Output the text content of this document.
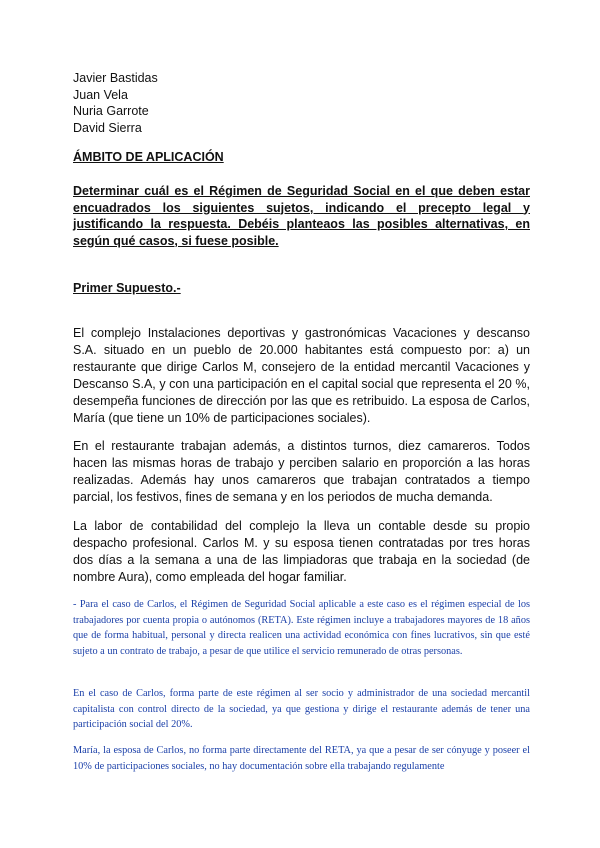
Javier Bastidas
Juan Vela
Nuria Garrote
David Sierra
ÁMBITO DE APLICACIÓN
Determinar cuál es el Régimen de Seguridad Social en el que deben estar encuadrados los siguientes sujetos, indicando el precepto legal y justificando la respuesta. Debéis planteaos las posibles alternativas, en según qué casos, si fuese posible.
Primer Supuesto.-

El complejo Instalaciones deportivas y gastronómicas Vacaciones y descanso S.A. situado en un pueblo de 20.000 habitantes está compuesto por: a) un restaurante que dirige Carlos M, consejero de la entidad mercantil Vacaciones y Descanso S.A, y con una participación en el capital social que representa el 20 %, desempeña funciones de dirección por las que es retribuido. La esposa de Carlos, María (que tiene un 10% de participaciones sociales).

En el restaurante trabajan además, a distintos turnos, diez camareros. Todos hacen las mismas horas de trabajo y perciben salario en proporción a las horas realizadas. Además hay unos camareros que trabajan contratados a tiempo parcial, los festivos, fines de semana y en los periodos de mucha demanda.

La labor de contabilidad del complejo la lleva un contable desde su propio despacho profesional. Carlos M. y su esposa tienen contratadas por tres horas dos días a la semana a una de las limpiadoras que trabaja en la sociedad (de nombre Aura), como empleada del hogar familiar.

- Para el caso de Carlos, el Régimen de Seguridad Social aplicable a este caso es el régimen especial de los trabajadores por cuenta propia o autónomos (RETA). Este régimen incluye a trabajadores mayores de 18 años que de forma habitual, personal y directa realicen una actividad económica con fines lucrativos, sin que esté sujeto a un contrato de trabajo, a pesar de que utilice el servicio remunerado de otras personas.

En el caso de Carlos, forma parte de este régimen al ser socio y administrador de una sociedad mercantil capitalista con control directo de la sociedad, ya que gestiona y dirige el restaurante además de tener una participación social del 20%.

María, la esposa de Carlos, no forma parte directamente del RETA, ya que a pesar de ser cónyuge y poseer el 10% de participaciones sociales, no hay documentación sobre ella trabajando regulamente
